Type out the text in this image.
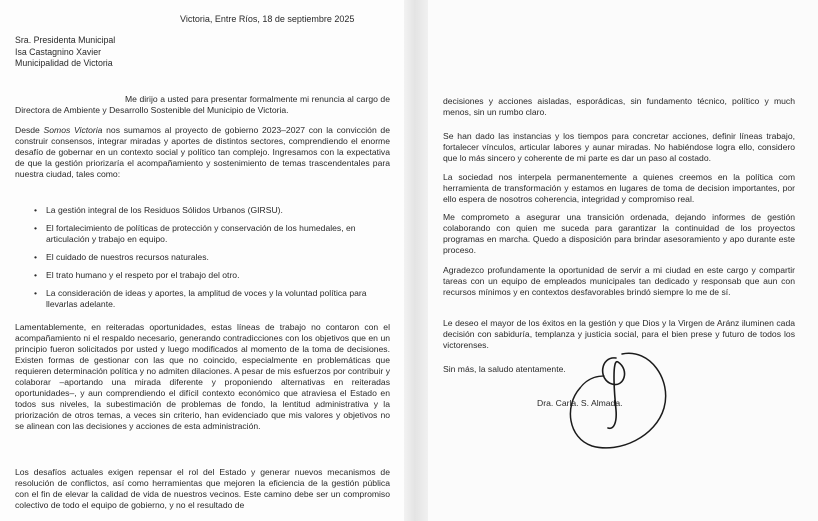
Victoria, Entre Ríos, 18 de septiembre 2025
Sra. Presidenta Municipal
Isa Castagnino Xavier
Municipalidad de Victoria

Me dirijo a usted para presentar formalmente mi renuncia al cargo de Directora de Ambiente y Desarrollo Sostenible del Municipio de Victoria.

Desde Somos Victoria nos sumamos al proyecto de gobierno 2023–2027 con la convicción de construir consensos, integrar miradas y aportes de distintos sectores, comprendiendo el enorme desafío de gobernar en un contexto social y político tan complejo. Ingresamos con la expectativa de que la gestión priorizaría el acompañamiento y sostenimiento de temas trascendentales para nuestra ciudad, tales como:

• La gestión integral de los Residuos Sólidos Urbanos (GIRSU).
• El fortalecimiento de políticas de protección y conservación de los humedales, en articulación y trabajo en equipo.
• El cuidado de nuestros recursos naturales.
• El trato humano y el respeto por el trabajo del otro.
• La consideración de ideas y aportes, la amplitud de voces y la voluntad política para llevarlas adelante.

Lamentablemente, en reiteradas oportunidades, estas líneas de trabajo no contaron con el acompañamiento ni el respaldo necesario, generando contradicciones con los objetivos que en un principio fueron solicitados por usted y luego modificados al momento de la toma de decisiones. Existen formas de gestionar con las que no coincido, especialmente en problemáticas que requieren determinación política y no admiten dilaciones. A pesar de mis esfuerzos por contribuir y colaborar –aportando una mirada diferente y proponiendo alternativas en reiteradas oportunidades–, y aun comprendiendo el difícil contexto económico que atraviesa el Estado en todos sus niveles, la subestimación de problemas de fondo, la lentitud administrativa y la priorización de otros temas, a veces sin criterio, han evidenciado que mis valores y objetivos no se alinean con las decisiones y acciones de esta administración.

Los desafíos actuales exigen repensar el rol del Estado y generar nuevos mecanismos de resolución de conflictos, así como herramientas que mejoren la eficiencia de la gestión pública con el fin de elevar la calidad de vida de nuestros vecinos. Este camino debe ser un compromiso colectivo de todo el equipo de gobierno, y no el resultado de

decisiones y acciones aisladas, esporádicas, sin fundamento técnico, político y much menos, sin un rumbo claro.

Se han dado las instancias y los tiempos para concretar acciones, definir líneas trabajo, fortalecer vínculos, articular labores y aunar miradas. No habiéndose logra ello, considero que lo más sincero y coherente de mi parte es dar un paso al costado.

La sociedad nos interpela permanentemente a quienes creemos en la política com herramienta de transformación y estamos en lugares de toma de decision importantes, por ello espera de nosotros coherencia, integridad y compromiso real.

Me comprometo a asegurar una transición ordenada, dejando informes de gestión colaborando con quien me suceda para garantizar la continuidad de los proyectos programas en marcha. Quedo a disposición para brindar asesoramiento y apo durante este proceso.

Agradezco profundamente la oportunidad de servir a mi ciudad en este cargo y compartir tareas con un equipo de empleados municipales tan dedicado y responsab que aun con recursos mínimos y en contextos desfavorables brindó siempre lo me de sí.

Le deseo el mayor de los éxitos en la gestión y que Dios y la Virgen de Aránz iluminen cada decisión con sabiduría, templanza y justicia social, para el bien prese y futuro de todos los victorenses.

Sin más, la saludo atentamente.

Dra. Carla. S. Almada.
